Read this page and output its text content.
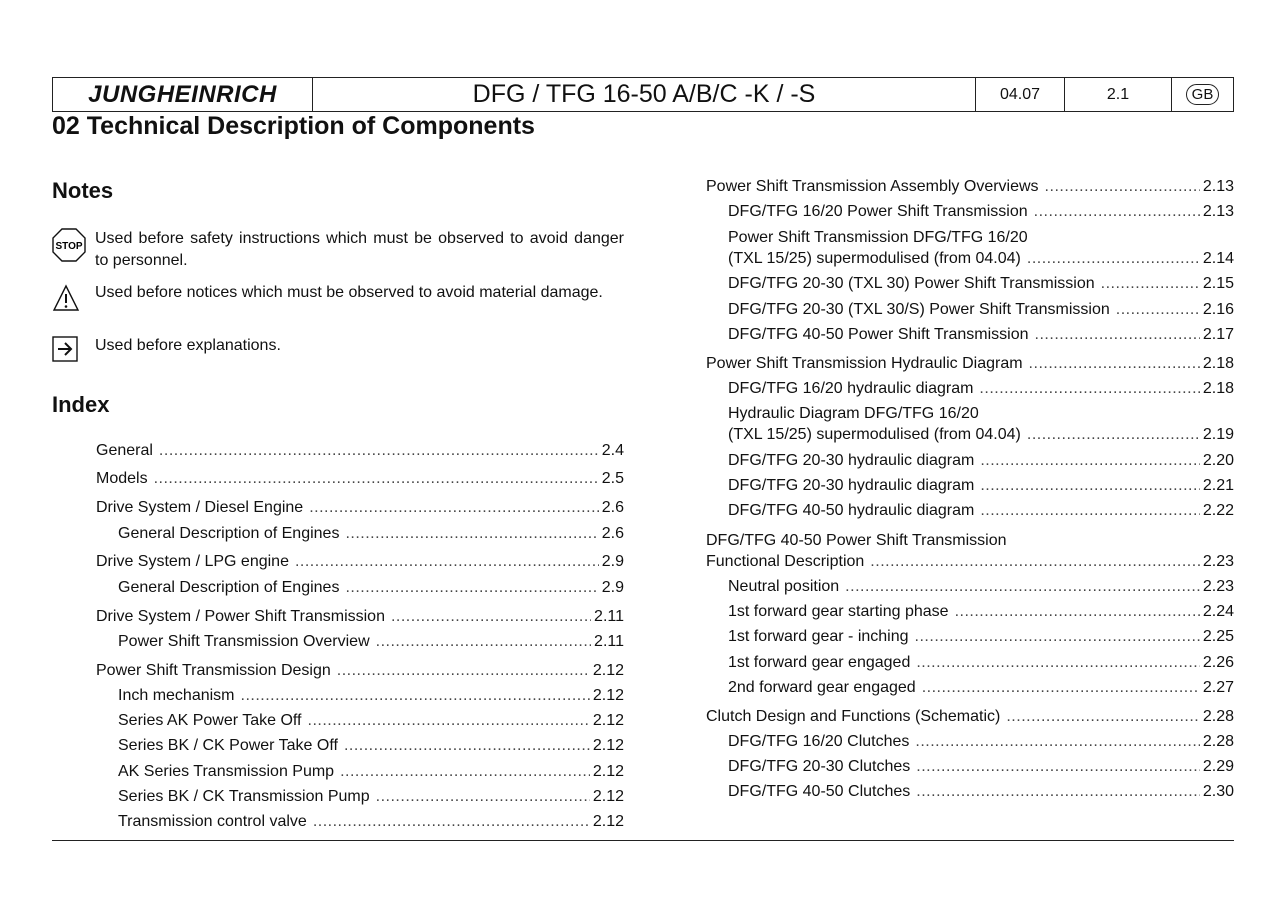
JUNGHEINRICH	DFG / TFG 16-50 A/B/C -K / -S	04.07	2.1	GB
02 Technical Description of Components
Notes
STOP Used before safety instructions which must be observed to avoid danger to personnel.
Used before notices which must be observed to avoid material damage.
Used before explanations.
Index
General .....	2.4
Models .....	2.5
Drive System / Diesel Engine .....	2.6
General Description of Engines .....	2.6
Drive System / LPG engine .....	2.9
General Description of Engines .....	2.9
Drive System / Power Shift Transmission .....	2.11
Power Shift Transmission Overview .....	2.11
Power Shift Transmission Design .....	2.12
Inch mechanism .....	2.12
Series AK Power Take Off .....	2.12
Series BK / CK Power Take Off .....	2.12
AK Series Transmission Pump .....	2.12
Series BK / CK Transmission Pump .....	2.12
Transmission control valve .....	2.12
Power Shift Transmission Assembly Overviews .....	2.13
DFG/TFG 16/20 Power Shift Transmission .....	2.13
Power Shift Transmission DFG/TFG 16/20
(TXL 15/25) supermodulised (from 04.04) .....	2.14
DFG/TFG 20-30 (TXL 30) Power Shift Transmission .....	2.15
DFG/TFG 20-30 (TXL 30/S) Power Shift Transmission .....	2.16
DFG/TFG 40-50 Power Shift Transmission .....	2.17
Power Shift Transmission Hydraulic Diagram .....	2.18
DFG/TFG 16/20 hydraulic diagram .....	2.18
Hydraulic Diagram DFG/TFG 16/20
(TXL 15/25) supermodulised (from 04.04) .....	2.19
DFG/TFG 20-30 hydraulic diagram .....	2.20
DFG/TFG 20-30 hydraulic diagram .....	2.21
DFG/TFG 40-50 hydraulic diagram .....	2.22
DFG/TFG 40-50 Power Shift Transmission
Functional Description .....	2.23
Neutral position .....	2.23
1st forward gear starting phase .....	2.24
1st forward gear - inching .....	2.25
1st forward gear engaged .....	2.26
2nd forward gear engaged .....	2.27
Clutch Design and Functions (Schematic) .....	2.28
DFG/TFG 16/20 Clutches .....	2.28
DFG/TFG 20-30 Clutches .....	2.29
DFG/TFG 40-50 Clutches .....	2.30
